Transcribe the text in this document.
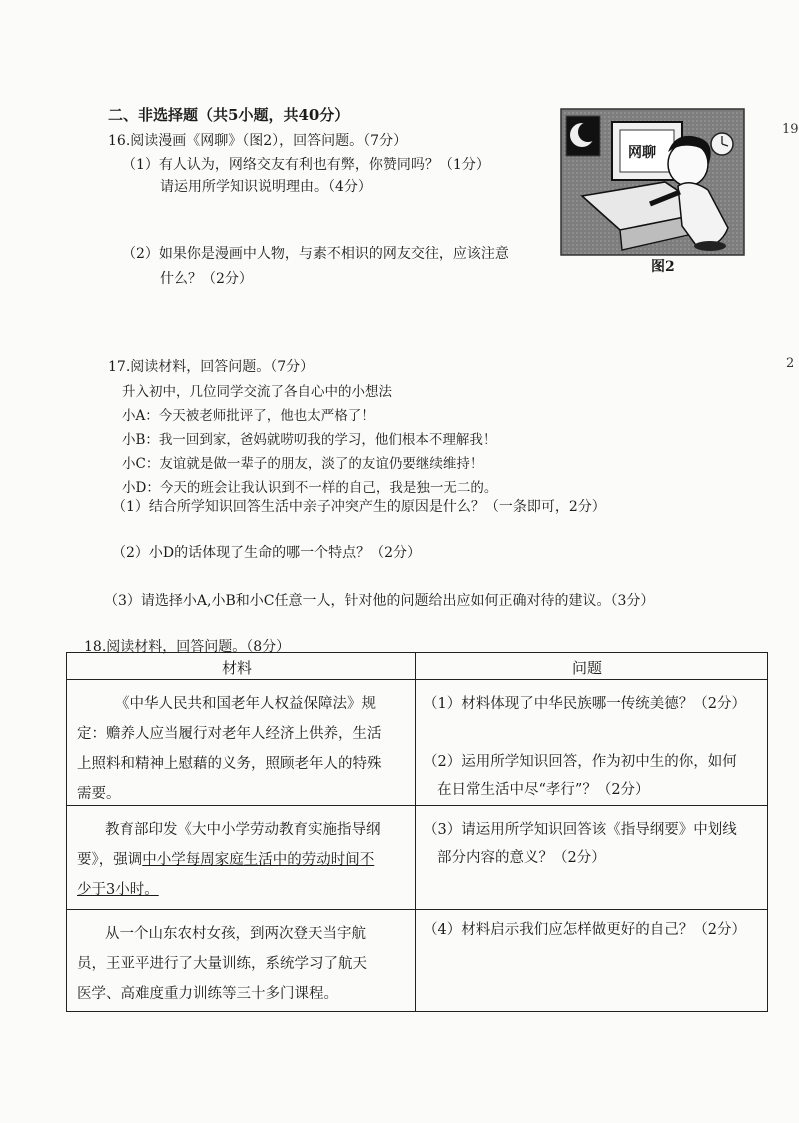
二、非选择题（共5小题，共40分）
16.阅读漫画《网聊》（图2），回答问题。（7分）
（1）有人认为，网络交友有利也有弊，你赞同吗？（1分）
请运用所学知识说明理由。（4分）
（2）如果你是漫画中人物，与素不相识的网友交往，应该注意
什么？（2分）
网聊
图2
17.阅读材料，回答问题。（7分）
升入初中，几位同学交流了各自心中的小想法
小A：今天被老师批评了，他也太严格了！
小B：我一回到家，爸妈就唠叨我的学习，他们根本不理解我！
小C：友谊就是做一辈子的朋友，淡了的友谊仍要继续维持！
小D：今天的班会让我认识到不一样的自己，我是独一无二的。
（1）结合所学知识回答生活中亲子冲突产生的原因是什么？（一条即可，2分）
（2）小D的话体现了生命的哪一个特点？（2分）
（3）请选择小A,小B和小C任意一人，针对他的问题给出应如何正确对待的建议。（3分）
18.阅读材料，回答问题。（8分）
材料	问题
《中华人民共和国老年人权益保障法》规
定：赡养人应当履行对老年人经济上供养，生活
上照料和精神上慰藉的义务，照顾老年人的特殊
需要。
（1）材料体现了中华民族哪一传统美德？（2分）
（2）运用所学知识回答，作为初中生的你，如何
在日常生活中尽“孝行”？（2分）
教育部印发《大中小学劳动教育实施指导纲
要》，强调中小学每周家庭生活中的劳动时间不
少于3小时。
（3）请运用所学知识回答该《指导纲要》中划线
部分内容的意义？（2分）
从一个山东农村女孩，到两次登天当宇航
员，王亚平进行了大量训练，系统学习了航天
医学、高难度重力训练等三十多门课程。
（4）材料启示我们应怎样做更好的自己？（2分）
19
2
